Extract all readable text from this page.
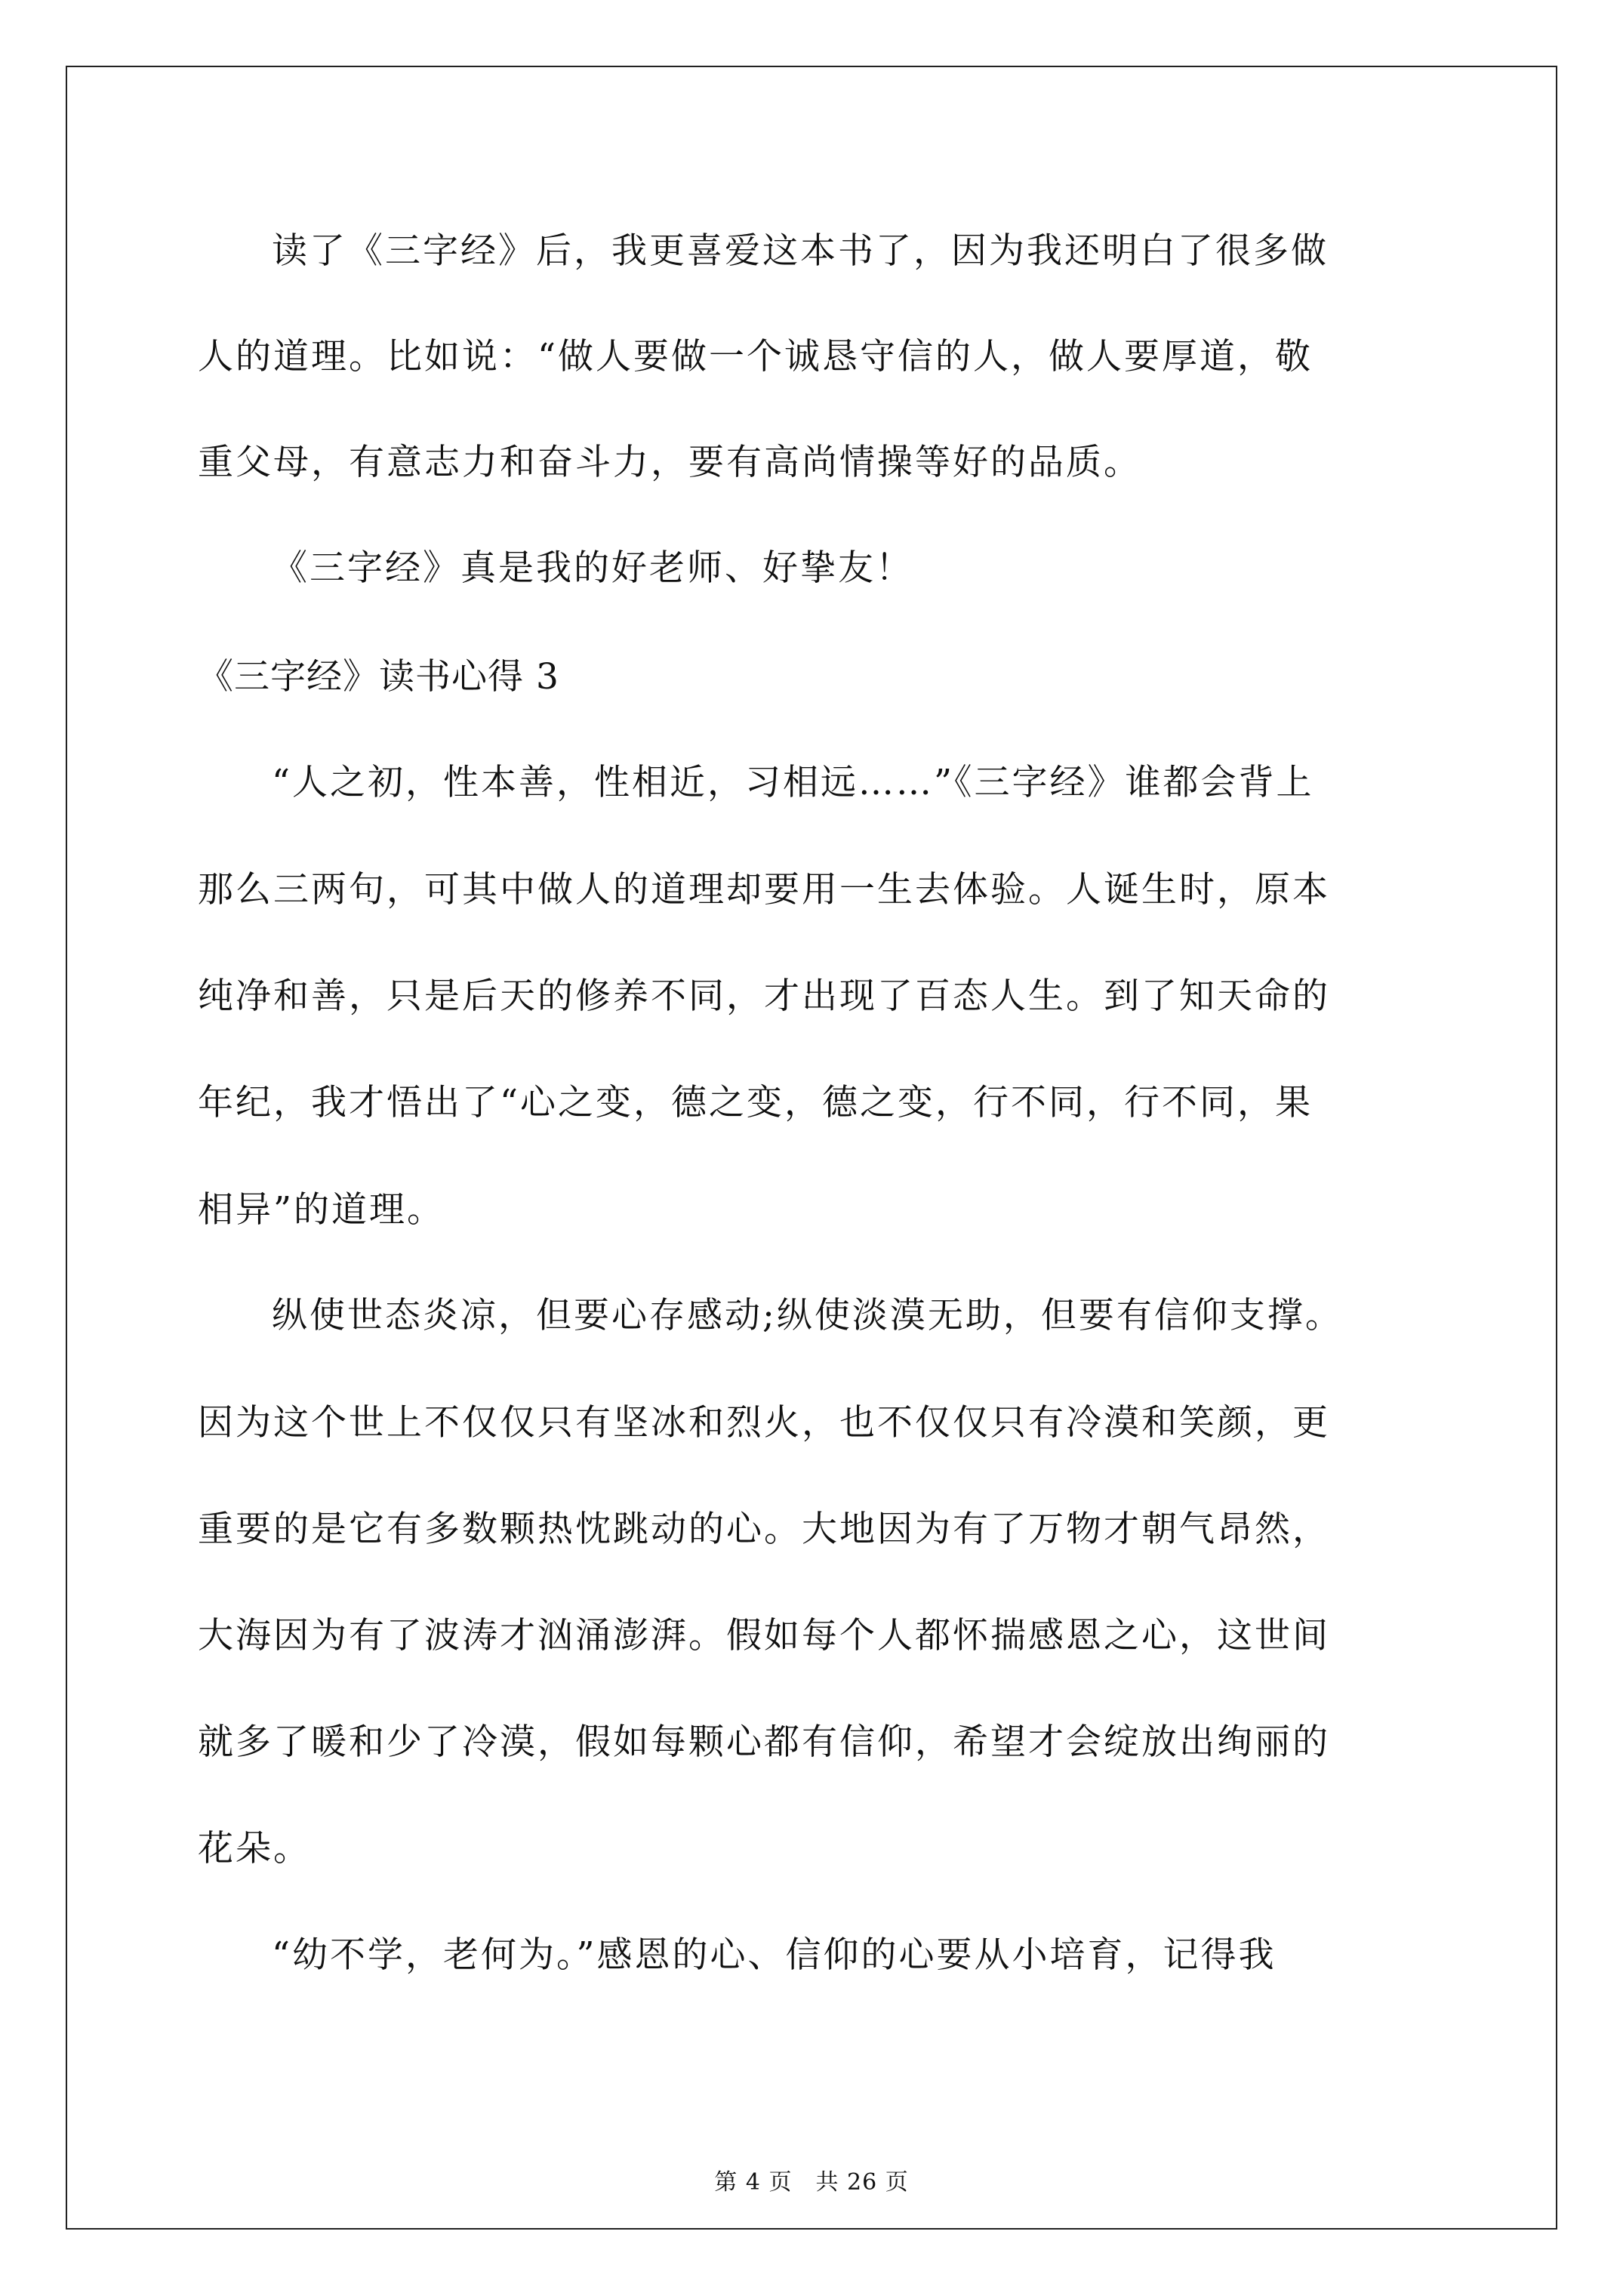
读了《三字经》后，我更喜爱这本书了，因为我还明白了很多做
人的道理。比如说：“做人要做一个诚恳守信的人，做人要厚道，敬
重父母，有意志力和奋斗力，要有高尚情操等好的品质。
《三字经》真是我的好老师、好挚友！
《三字经》读书心得 3
“人之初，性本善，性相近，习相远……”《三字经》谁都会背上
那么三两句，可其中做人的道理却要用一生去体验。人诞生时，原本
纯净和善，只是后天的修养不同，才出现了百态人生。到了知天命的
年纪，我才悟出了“心之变，德之变，德之变，行不同，行不同，果
相异”的道理。
纵使世态炎凉，但要心存感动;纵使淡漠无助，但要有信仰支撑。
因为这个世上不仅仅只有坚冰和烈火，也不仅仅只有冷漠和笑颜，更
重要的是它有多数颗热忱跳动的心。大地因为有了万物才朝气昂然，
大海因为有了波涛才汹涌澎湃。假如每个人都怀揣感恩之心，这世间
就多了暖和少了冷漠，假如每颗心都有信仰，希望才会绽放出绚丽的
花朵。
“幼不学，老何为。”感恩的心、信仰的心要从小培育，记得我
第 4 页　共 26 页
